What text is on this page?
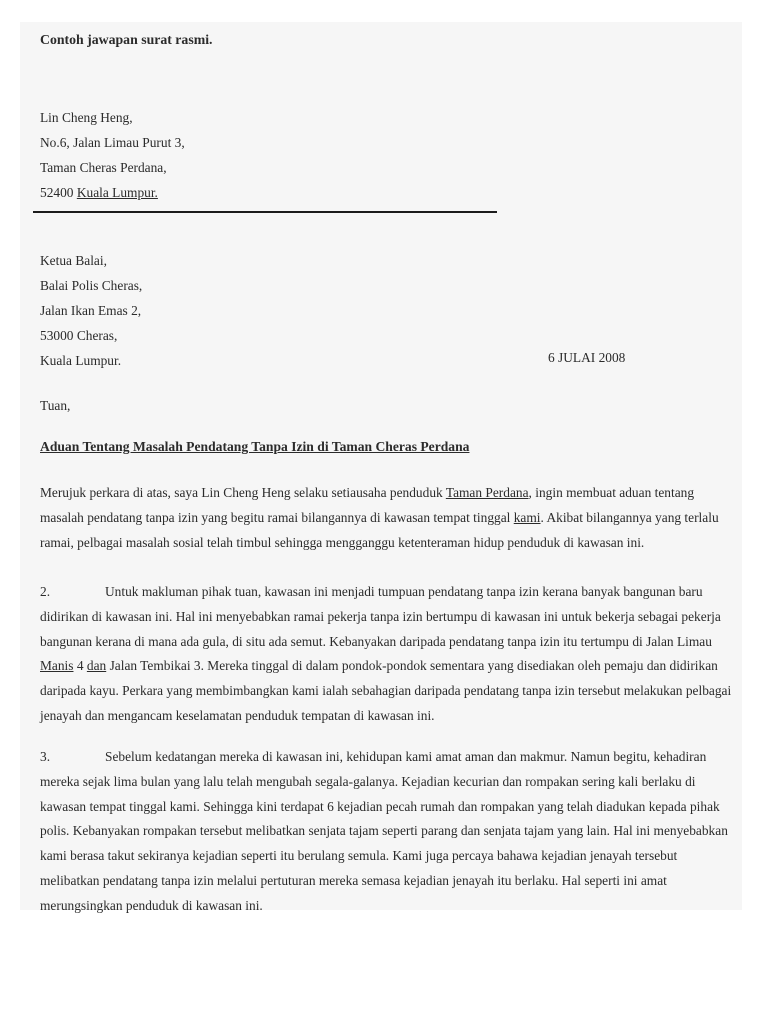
Contoh jawapan surat rasmi.
Lin Cheng Heng,
No.6, Jalan Limau Purut 3,
Taman Cheras Perdana,
52400 Kuala Lumpur.
Ketua Balai,
Balai Polis Cheras,
Jalan Ikan Emas 2,
53000 Cheras,
Kuala Lumpur.	6 JULAI 2008
Tuan,
Aduan Tentang Masalah Pendatang Tanpa Izin di Taman Cheras Perdana
Merujuk perkara di atas, saya Lin Cheng Heng selaku setiausaha penduduk Taman Perdana, ingin membuat aduan tentang masalah pendatang tanpa izin yang begitu ramai bilangannya di kawasan tempat tinggal kami. Akibat bilangannya yang terlalu ramai, pelbagai masalah sosial telah timbul sehingga mengganggu ketenteraman hidup penduduk di kawasan ini.
2.	Untuk makluman pihak tuan, kawasan ini menjadi tumpuan pendatang tanpa izin kerana banyak bangunan baru didirikan di kawasan ini. Hal ini menyebabkan ramai pekerja tanpa izin bertumpu di kawasan ini untuk bekerja sebagai pekerja bangunan kerana di mana ada gula, di situ ada semut. Kebanyakan daripada pendatang tanpa izin itu tertumpu di Jalan Limau Manis 4 dan Jalan Tembikai 3. Mereka tinggal di dalam pondok-pondok sementara yang disediakan oleh pemaju dan didirikan daripada kayu. Perkara yang membimbangkan kami ialah sebahagian daripada pendatang tanpa izin tersebut melakukan pelbagai jenayah dan mengancam keselamatan penduduk tempatan di kawasan ini.
3.	Sebelum kedatangan mereka di kawasan ini, kehidupan kami amat aman dan makmur. Namun begitu, kehadiran mereka sejak lima bulan yang lalu telah mengubah segala-galanya. Kejadian kecurian dan rompakan sering kali berlaku di kawasan tempat tinggal kami. Sehingga kini terdapat 6 kejadian pecah rumah dan rompakan yang telah diadukan kepada pihak polis. Kebanyakan rompakan tersebut melibatkan senjata tajam seperti parang dan senjata tajam yang lain. Hal ini menyebabkan kami berasa takut sekiranya kejadian seperti itu berulang semula. Kami juga percaya bahawa kejadian jenayah tersebut melibatkan pendatang tanpa izin melalui pertuturan mereka semasa kejadian jenayah itu berlaku. Hal seperti ini amat merungsingkan penduduk di kawasan ini.
